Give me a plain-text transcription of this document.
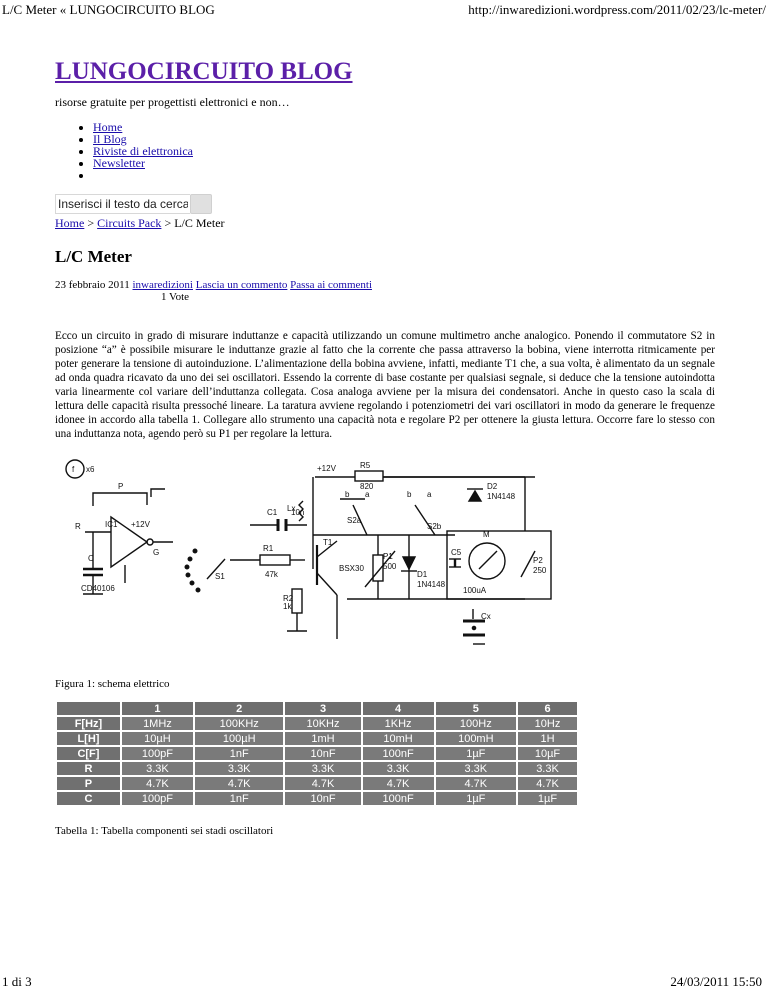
L/C Meter « LUNGOCIRCUITO BLOG	http://inwaredizioni.wordpress.com/2011/02/23/lc-meter/
LUNGOCIRCUITO BLOG
risorse gratuite per progettisti elettronici e non…
• Home
• Il Blog
• Riviste di elettronica
• Newsletter
•
Inserisci il testo da cercare c
Home > Circuits Pack > L/C Meter
L/C Meter
23 febbraio 2011 inwaredizioni Lascia un commento Passa ai commenti
1 Vote

Ecco un circuito in grado di misurare induttanze e capacità utilizzando un comune multimetro anche analogico. Ponendo il commutatore S2 in posizione “a” è possibile misurare le induttanze grazie al fatto che la corrente che passa attraverso la bobina, viene interrotta ritmicamente per poter generare la tensione di autoinduzione. L’alimentazione della bobina avviene, infatti, mediante T1 che, a sua volta, è alimentato da un segnale ad onda quadra ricavato da uno dei sei oscillatori. Essendo la corrente di base costante per qualsiasi segnale, si deduce che la tensione autoindotta varia linearmente col variare dell’induttanza collegata. Cosa analoga avviene per la misura dei condensatori. Anche in questo caso la scala di lettura delle capacità risulta pressoché lineare. La taratura avviene regolando i potenziometri dei vari oscillatori in modo da generare le frequenze idonee in accordo alla tabella 1. Collegare allo strumento una capacità nota e regolare P2 per ottenere la giusta lettura. Occorre fare lo stesso con una induttanza nota, agendo però su P1 per regolare la lettura.

f x6
P
R	IC1 +12V
C
G
CD40106
S1
+12V	R5
820
Lx
b a	b a
S2a
S2b
C1 10n
R1
47k
T1
BSX30
P1
500
R2
1k
D1
1N4148
D2
1N4148
M
C5
100uA
P2
250
Cx
Figura 1: schema elettrico
	1	2	3	4	5	6
F[Hz]	1MHz	100KHz	10KHz	1KHz	100Hz	10Hz
L[H]	10µH	100µH	1mH	10mH	100mH	1H
C[F]	100pF	1nF	10nF	100nF	1µF	10µF
R	3.3K	3.3K	3.3K	3.3K	3.3K	3.3K
P	4.7K	4.7K	4.7K	4.7K	4.7K	4.7K
C	100pF	1nF	10nF	100nF	1µF	1µF
Tabella 1: Tabella componenti sei stadi oscillatori
1 di 3	24/03/2011 15:50
